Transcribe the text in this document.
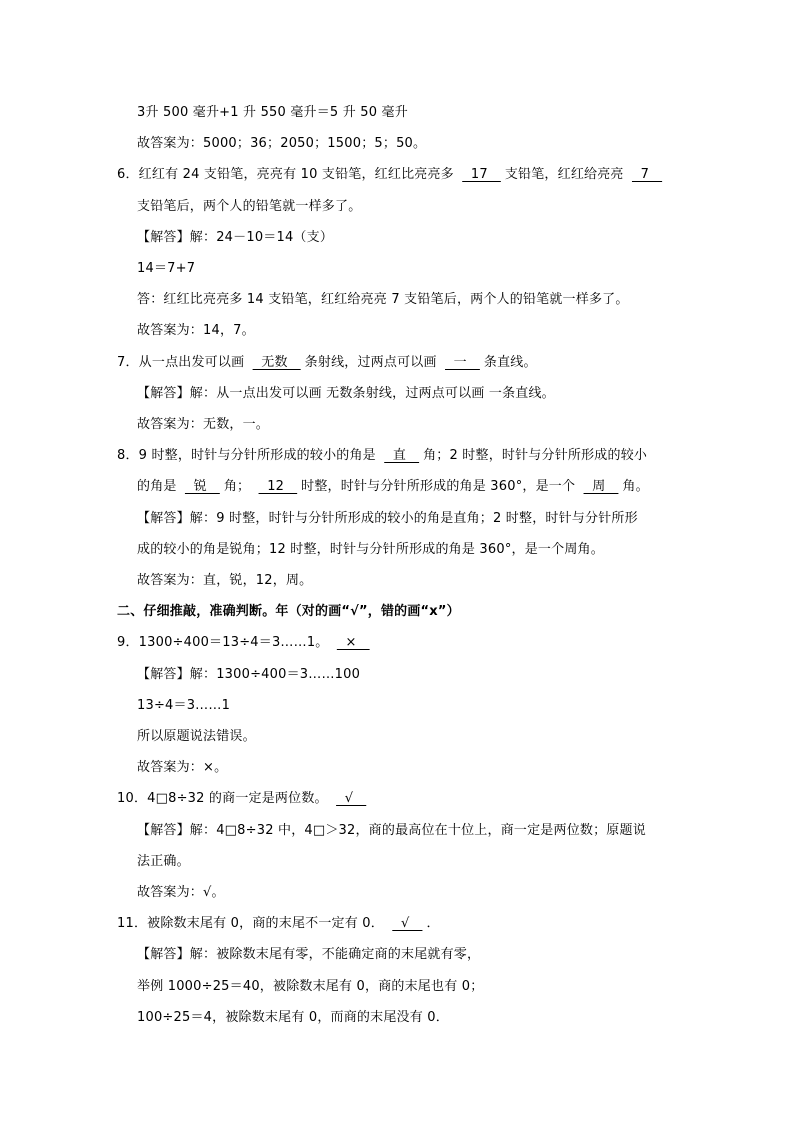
3升 500 毫升+1 升 550 毫升＝5 升 50 毫升
故答案为：5000；36；2050；1500；5；50。
6．红红有 24 支铅笔，亮亮有 10 支铅笔，红红比亮亮多   17   支铅笔，红红给亮亮   7
支铅笔后，两个人的铅笔就一样多了。
【解答】解：24－10＝14（支）
14＝7+7
答：红红比亮亮多 14 支铅笔，红红给亮亮 7 支铅笔后，两个人的铅笔就一样多了。
故答案为：14，7。
7．从一点出发可以画   无数   条射线，过两点可以画   一   条直线。
【解答】解：从一点出发可以画 无数条射线，过两点可以画 一条直线。
故答案为：无数，一。
8．9 时整，时针与分针所形成的较小的角是   直   角；2 时整，时针与分针所形成的较小
的角是   锐   角；   12   时整，时针与分针所形成的角是 360°，是一个   周   角。
【解答】解：9 时整，时针与分针所形成的较小的角是直角；2 时整，时针与分针所形
成的较小的角是锐角；12 时整，时针与分针所形成的角是 360°，是一个周角。
故答案为：直，锐，12，周。
二、仔细推敲，准确判断。年（对的画“√”，错的画“x”）
9．1300÷400＝13÷4＝3……1。   ×
【解答】解：1300÷400＝3……100
13÷4＝3……1
所以原题说法错误。
故答案为：×。
10．4□8÷32 的商一定是两位数。   √
【解答】解：4□8÷32 中，4□＞32，商的最高位在十位上，商一定是两位数；原题说
法正确。
故答案为：√。
11．被除数末尾有 0，商的末尾不一定有 0．   √   ．
【解答】解：被除数末尾有零，不能确定商的末尾就有零，
举例 1000÷25＝40，被除数末尾有 0，商的末尾也有 0；
100÷25＝4，被除数末尾有 0，而商的末尾没有 0．
